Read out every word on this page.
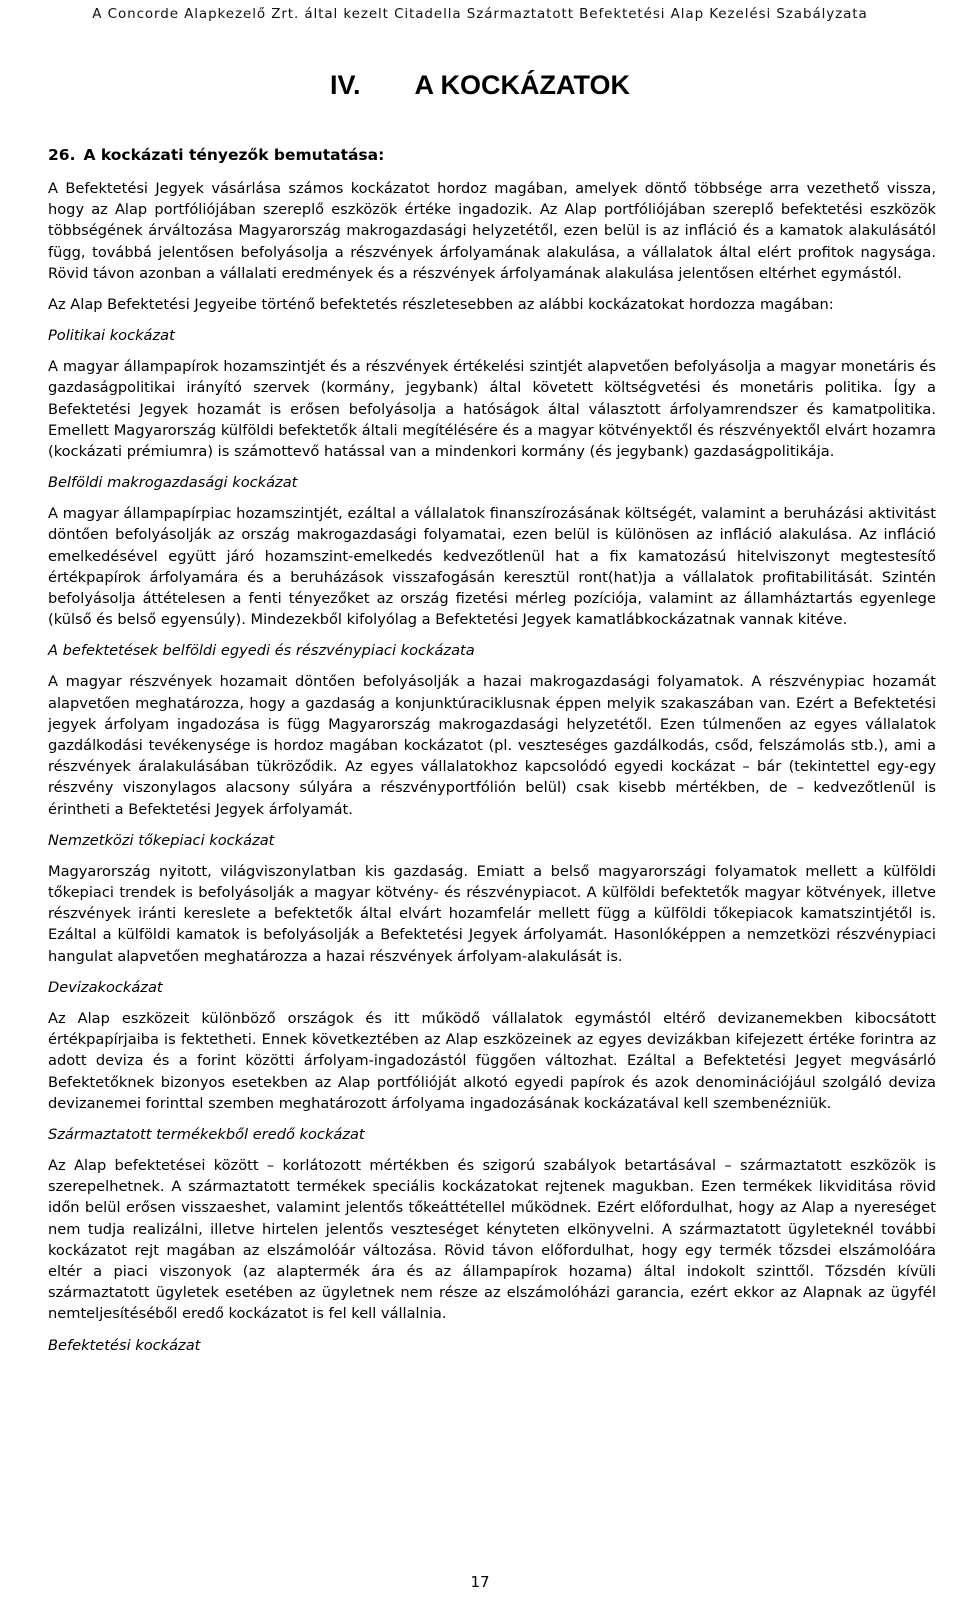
A Concorde Alapkezelő Zrt. által kezelt Citadella Származtatott Befektetési Alap Kezelési Szabályzata
IV. A KOCKÁZATOK
26. A kockázati tényezők bemutatása:

A Befektetési Jegyek vásárlása számos kockázatot hordoz magában, amelyek döntő többsége arra vezethető vissza, hogy az Alap portfóliójában szereplő eszközök értéke ingadozik. Az Alap portfóliójában szereplő befektetési eszközök többségének árváltozása Magyarország makrogazdasági helyzetétől, ezen belül is az infláció és a kamatok alakulásától függ, továbbá jelentősen befolyásolja a részvények árfolyamának alakulása, a vállalatok által elért profitok nagysága. Rövid távon azonban a vállalati eredmények és a részvények árfolyamának alakulása jelentősen eltérhet egymástól.

Az Alap Befektetési Jegyeibe történő befektetés részletesebben az alábbi kockázatokat hordozza magában:

Politikai kockázat

A magyar állampapírok hozamszintjét és a részvények értékelési szintjét alapvetően befolyásolja a magyar monetáris és gazdaságpolitikai irányító szervek (kormány, jegybank) által követett költségvetési és monetáris politika. Így a Befektetési Jegyek hozamát is erősen befolyásolja a hatóságok által választott árfolyamrendszer és kamatpolitika. Emellett Magyarország külföldi befektetők általi megítélésére és a magyar kötvényektől és részvényektől elvárt hozamra (kockázati prémiumra) is számottevő hatással van a mindenkori kormány (és jegybank) gazdaságpolitikája.

Belföldi makrogazdasági kockázat

A magyar állampapírpiac hozamszintjét, ezáltal a vállalatok finanszírozásának költségét, valamint a beruházási aktivitást döntően befolyásolják az ország makrogazdasági folyamatai, ezen belül is különösen az infláció alakulása. Az infláció emelkedésével együtt járó hozamszint-emelkedés kedvezőtlenül hat a fix kamatozású hitelviszonyt megtestesítő értékpapírok árfolyamára és a beruházások visszafogásán keresztül ront(hat)ja a vállalatok profitabilitását. Szintén befolyásolja áttételesen a fenti tényezőket az ország fizetési mérleg pozíciója, valamint az államháztartás egyenlege (külső és belső egyensúly). Mindezekből kifolyólag a Befektetési Jegyek kamatlábkockázatnak vannak kitéve.

A befektetések belföldi egyedi és részvénypiaci kockázata

A magyar részvények hozamait döntően befolyásolják a hazai makrogazdasági folyamatok. A részvénypiac hozamát alapvetően meghatározza, hogy a gazdaság a konjunktúraciklusnak éppen melyik szakaszában van. Ezért a Befektetési jegyek árfolyam ingadozása is függ Magyarország makrogazdasági helyzetétől. Ezen túlmenően az egyes vállalatok gazdálkodási tevékenysége is hordoz magában kockázatot (pl. veszteséges gazdálkodás, csőd, felszámolás stb.), ami a részvények áralakulásában tükröződik. Az egyes vállalatokhoz kapcsolódó egyedi kockázat – bár (tekintettel egy-egy részvény viszonylagos alacsony súlyára a részvényportfólión belül) csak kisebb mértékben, de – kedvezőtlenül is érintheti a Befektetési Jegyek árfolyamát.

Nemzetközi tőkepiaci kockázat

Magyarország nyitott, világviszonylatban kis gazdaság. Emiatt a belső magyarországi folyamatok mellett a külföldi tőkepiaci trendek is befolyásolják a magyar kötvény- és részvénypiacot. A külföldi befektetők magyar kötvények, illetve részvények iránti kereslete a befektetők által elvárt hozamfelár mellett függ a külföldi tőkepiacok kamatszintjétől is. Ezáltal a külföldi kamatok is befolyásolják a Befektetési Jegyek árfolyamát. Hasonlóképpen a nemzetközi részvénypiaci hangulat alapvetően meghatározza a hazai részvények árfolyam-alakulását is.

Devizakockázat

Az Alap eszközeit különböző országok és itt működő vállalatok egymástól eltérő devizanemekben kibocsátott értékpapírjaiba is fektetheti. Ennek következtében az Alap eszközeinek az egyes devizákban kifejezett értéke forintra az adott deviza és a forint közötti árfolyam-ingadozástól függően változhat. Ezáltal a Befektetési Jegyet megvásárló Befektetőknek bizonyos esetekben az Alap portfólióját alkotó egyedi papírok és azok denominációjául szolgáló deviza devizanemei forinttal szemben meghatározott árfolyama ingadozásának kockázatával kell szembenézniük.

Származtatott termékekből eredő kockázat

Az Alap befektetései között – korlátozott mértékben és szigorú szabályok betartásával – származtatott eszközök is szerepelhetnek. A származtatott termékek speciális kockázatokat rejtenek magukban. Ezen termékek likviditása rövid időn belül erősen visszaeshet, valamint jelentős tőkeáttétellel működnek. Ezért előfordulhat, hogy az Alap a nyereséget nem tudja realizálni, illetve hirtelen jelentős veszteséget kényteten elkönyvelni. A származtatott ügyleteknél további kockázatot rejt magában az elszámolóár változása. Rövid távon előfordulhat, hogy egy termék tőzsdei elszámolóára eltér a piaci viszonyok (az alaptermék ára és az állampapírok hozama) által indokolt szinttől. Tőzsdén kívüli származtatott ügyletek esetében az ügyletnek nem része az elszámolóházi garancia, ezért ekkor az Alapnak az ügyfél nemteljesítéséből eredő kockázatot is fel kell vállalnia.

Befektetési kockázat
17
